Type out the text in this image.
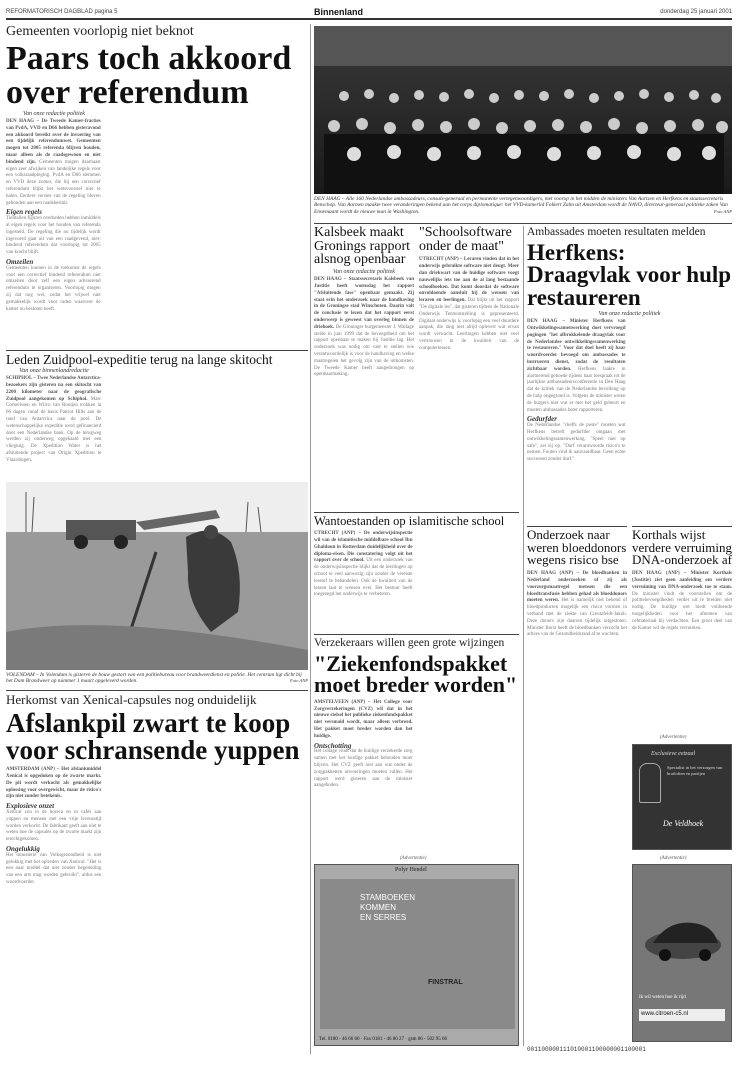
REFORMATORISCH DAGBLAD pagina 5	Binnenland	donderdag 25 januari 2001
Gemeenten voorlopig niet beknot
Paars toch akkoord over referendum
Van onze redactie politiek
DEN HAAG – De Tweede Kamer-fracties van PvdA, VVD en D66 hebben gisteravond een akkoord bereikt over de invoering van een tijdelijk referendumwet. Gemeenten mogen tot 2005 referenda blijven houden, maar alleen als de raadsgewoon en niet bindend zijn. Gemeenten mogen daarnaast eigen zeer afwijken van landelijke regels voor een volksraadpleging. PvdA en D66 stemmen en VVD deze zomer, die bij een correctief referendum blijkt het wetsvoorstel niet te halen. Eerdere versies van de regeling bleven gebonden aan een raadsbesluit.
Eigen regels
Tientallen figuren overheden hebben inmiddels al eigen regels voor het houden van referenda ingesteld. De regeling die nu tijdelijk wordt ingevoerd gaat uit van een raadgevend, niet-bindend referendum dat voorlopig tot 2005 van kracht blijft.
Omzeilen
Gemeenten kunnen in de toekomst de regels voor een correctief bindend referendum niet omzeilen door zelf een eigen adviserend referendum te organiseren. Voorlopig mogen zij dat nog wel, zodat het vrijwel niet gemakkelijk wordt voor raden waarover de kamer nu besloten heeft.
DEN HAAG – Alle 160 Nederlandse ambassadeurs, consuls-generaal en permanente vertegenwoordigers, met voorop in het midden de ministers Van Aartsen en Herfkens en staatssecretaris Benschop. Van Aartsen maakte twee veranderingen bekend aan het corps diplomatique: het VVD-kamerlid Folkert Zalm uit Amsterdam wordt de NAVO, directeur-generaal politieke zaken Van Ennemaant wordt de nieuwe man in Washington.	Foto ANP
Kalsbeek maakt Gronings rapport alsnog openbaar
Van onze redactie politiek
DEN HAAG – Staatssecretaris Kalsbeek van Justitie heeft woensdag het rapport "Afsluitende fase" openbaar gemaakt. Zij staat erin het onderzoek naar de handhaving in de Groningse stad Winschoten. Daarin valt de conclusie te lezen dat het rapport eerst onderwerp is geweest van overleg binnen de driehoek. De Groninger burgemeester J. Wallage stelde in juni 1999 dat de bevoegdheid om het rapport openbaar te maken bij Justitie lag. Het onderzoek was nodig om vast te stellen wie verantwoordelijk is voor de handhaving en welke maatregelen het gevolg zijn van de uitkomsten. De Tweede Kamer heeft aangedrongen op openbaarmaking.
"Schoolsoftware onder de maat"
UTRECHT (ANP) – Leraren vinden dat in het onderwijs gebruikte software niet deugt. Meer dan driekwart van de huidige software voegt nauwelijks iets toe aan de al lang bestaande schoolboeken. Dat komt doordat de software onvoldoende aansluit bij de wensen van leraren en leerlingen. Dat blijkt uit het rapport "De digitale les", dat gisteren tijdens de Nationale Onderwijs Tentoonstelling is gepresenteerd. Digitaal onderwijs is voorlopig een veel duurdere aanpak, die lang niet altijd oplevert wat ervan wordt verwacht. Leerlingen hebben niet veel vertrouwen in de kwaliteit van de computerlessen.
Ambassades moeten resultaten melden
Herfkens: Draagvlak voor hulp restaureren
Van onze redactie politiek
DEN HAAG – Minister Herfkens van Ontwikkelingssamenwerking doet vervroegd pogingen "het afbrokkelende draagvlak voor de Nederlandse ontwikkelingssamenwerking te restaureren." Voor dat doel heeft zij haar woordvoerder bevoegd om ambassades te instrueren dienst, zodat de resultaten zichtbaar worden. Herfkens laakte in alarmerend gehoede tijdens haar toespraak tot de jaarlijkse ambassadeursconferentie in Den Haag dat de kritiek van de Nederlandse bevolking op de hulp ongegrond is. Volgens de minister weten de burgers niet wat er met het geld gebeurt en moeten ambassades beter rapporteren.
Gedurfder
De Nederlandse "cheffs de poste" moeten wat Herfkens betreft gedurfder omgaan met ontwikkelingssamenwerking. "Speel niet op safe", zei zij op. "Durf verantwoorde risico's te nemen. Fouten vind ik aanvaardbaar. Geen echte successen zonder durf."
Leden Zuidpool-expeditie terug na lange skitocht
Van onze binnenlandredactie
SCHIPHOL – Twee Nederlandse Antarctica-bezoekers zijn gisteren na een skitocht van 2200 kilometer naar de geografische Zuidpool aangekomen op Schiphol. Marc Cornelissen en Wilco van Rooijen trokken in 66 dagen vanaf de basis Patriot Hills aan de rand van Antarctica naar de pool. De wetenschappelijke expeditie werd gefinancierd door een Nederlandse bank. Op de terugweg werden zij onderweg opgehaald met een vliegtuig. De Xpedition Water is het afsluitende project van Origin Xpedition te Vlaardingen.
VOLENDAM – In Volendam is gisteren de bouw gestart van een politiebureau voor brandweerdienst en politie. Het centrum ligt dicht bij het Dam Brandweer op nummer 1 maart opgeleverd worden.	Foto ANP
Wantoestanden op islamitische school
UTRECHT (ANP) – De onderwijsinspectie wil van de islamitische middelbare school Ibn Ghaldoun in Rotterdam duidelijkheid over de diploma-eisen. Die constatering volgt uit het rapport over de school. Uit een onderzoek van de onderwijsinspectie blijkt dat de leerlingen op school te veel aanwezig zijn zonder de vereiste lesstof te behandelen. Ook de kwaliteit van de lessen laat te wensen over. Het bestuur heeft toegezegd het onderwijs te verbeteren.
Verzekeraars willen geen grote wijzingen
"Ziekenfondspakket moet breder worden"
AMSTELVEEN (ANP) – Het College voor Zorgverzekeringen (CVZ) wil dat in het nieuwe stelsel het publieke ziekenfondspakket niet versmald wordt, maar alleen verbreed. Het pakket moet breder worden dan het huidige.
Ontschotting
Het collage vindt dat de huidige verzekerde zorg samen met het huidige pakket behouden moet blijven. Het CVZ geeft niet aan wat onder de zorgpakketten uitvoeringen moeten vallen. Het rapport werd gisteren aan de minister aangeboden.
Onderzoek naar weren bloeddonors wegens risico bse
DEN HAAG (ANP) – De bloedbanken in Nederland onderzoeken of zij als voorzorgsmaatregel mensen die een bloedtransfusie hebben gehad als bloeddonors moeten weren. Het is namelijk niet bekend of bloedproducten mogelijk een risico vormen in verband met de ziekte van Creutzfeldt-Jakob. Deze donors zijn daarom tijdelijk uitgesloten. Minister Borst heeft de bloedbanken verzocht het advies van de Gezondheidsraad af te wachten.
Korthals wijst verdere verruiming DNA-onderzoek af
DEN HAAG (ANP) – Minister Korthals (Justitie) ziet geen aanleiding om verdere verruiming van DNA-onderzoek toe te staan. De minister vindt de voorstellen om de politiebevoegdheden verder uit te breiden niet nodig. De huidige wet biedt voldoende mogelijkheden voor het afnemen van celmateriaal bij verdachten. Een groot deel van de Kamer wil de regels verruimen.
Herkomst van Xenical-capsules nog onduidelijk
Afslankpil zwart te koop voor schransende yuppen
AMSTERDAM (ANP) – Het afslankmiddel Xenical is opgedoken op de zwarte markt. De pil wordt verkocht als gemakkelijke oplossing voor overgewicht, maar de risico's zijn niet zonder betekenis.
Explosieve onzet
Xenical zou in de horeca en in cafés aan yuppen en mensen met een vrije levensstijl worden verkocht. De fabrikant geeft aan niet te weten hoe de capsules op de zwarte markt zijn terechtgekomen.
Ongelukkig
Het ministerie van Volksgezondheid is niet gelukkig met het optreden van Xenical. "Het is een naar middel dat niet zonder begeleiding van een arts mag worden gebruikt", aldus een woordvoerder.
(Advertentie)
Polyr Hendel
STAMBOEKEN
KOMMEN
EN SERRES
FINSTRAL
Tel. 0180 - 46 66 60 · Fax 0181 - 46 86 27 · gsm 06 - 502 95 66
(Advertentie)
Exclusieve eetzaal
Specialist in het verzorgen van bruiloften en partijen
De Veldhoek
(Advertentie)
Ik wil weten hoe ik rijd
www.citroen-c5.nl
001100000111010001100000001100001
